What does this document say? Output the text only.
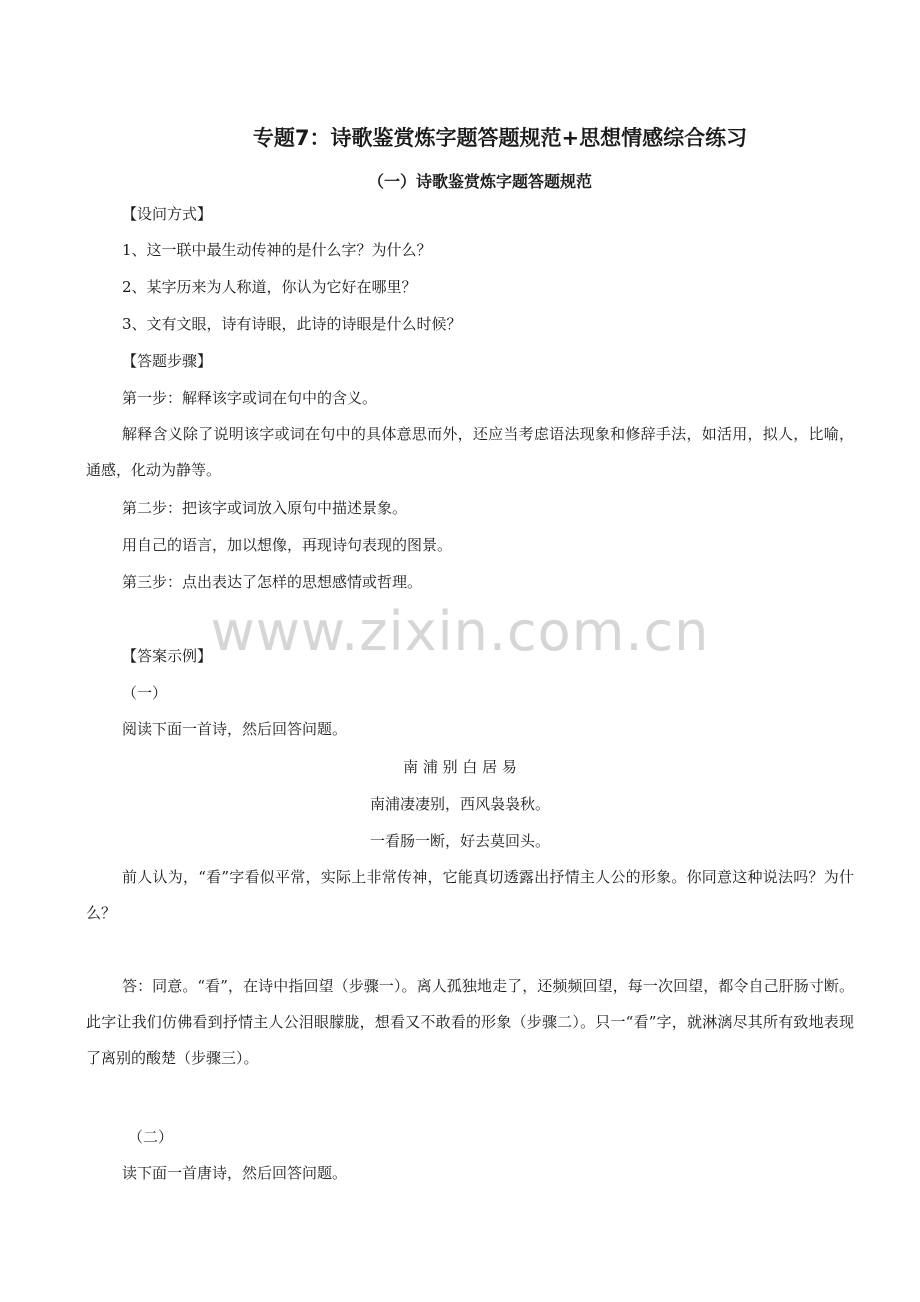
专题7：诗歌鉴赏炼字题答题规范+思想情感综合练习
（一）诗歌鉴赏炼字题答题规范
www.zixin.com.cn
【设问方式】
1、这一联中最生动传神的是什么字？为什么？
2、某字历来为人称道，你认为它好在哪里？
3、文有文眼，诗有诗眼，此诗的诗眼是什么时候？
【答题步骤】
第一步：解释该字或词在句中的含义。
解释含义除了说明该字或词在句中的具体意思而外，还应当考虑语法现象和修辞手法，如活用，拟人，比喻，通感，化动为静等。
第二步：把该字或词放入原句中描述景象。
用自己的语言，加以想像，再现诗句表现的图景。
第三步：点出表达了怎样的思想感情或哲理。
【答案示例】
（一）
阅读下面一首诗，然后回答问题。
南 浦 别 白 居 易
南浦凄凄别，西风袅袅秋。
一看肠一断，好去莫回头。
前人认为，“看”字看似平常，实际上非常传神，它能真切透露出抒情主人公的形象。你同意这种说法吗？为什么？
答：同意。“看”，在诗中指回望（步骤一）。离人孤独地走了，还频频回望，每一次回望，都令自己肝肠寸断。此字让我们仿佛看到抒情主人公泪眼朦胧，想看又不敢看的形象（步骤二）。只一“看”字，就淋漓尽其所有致地表现了离别的酸楚（步骤三）。
（二）
读下面一首唐诗，然后回答问题。
